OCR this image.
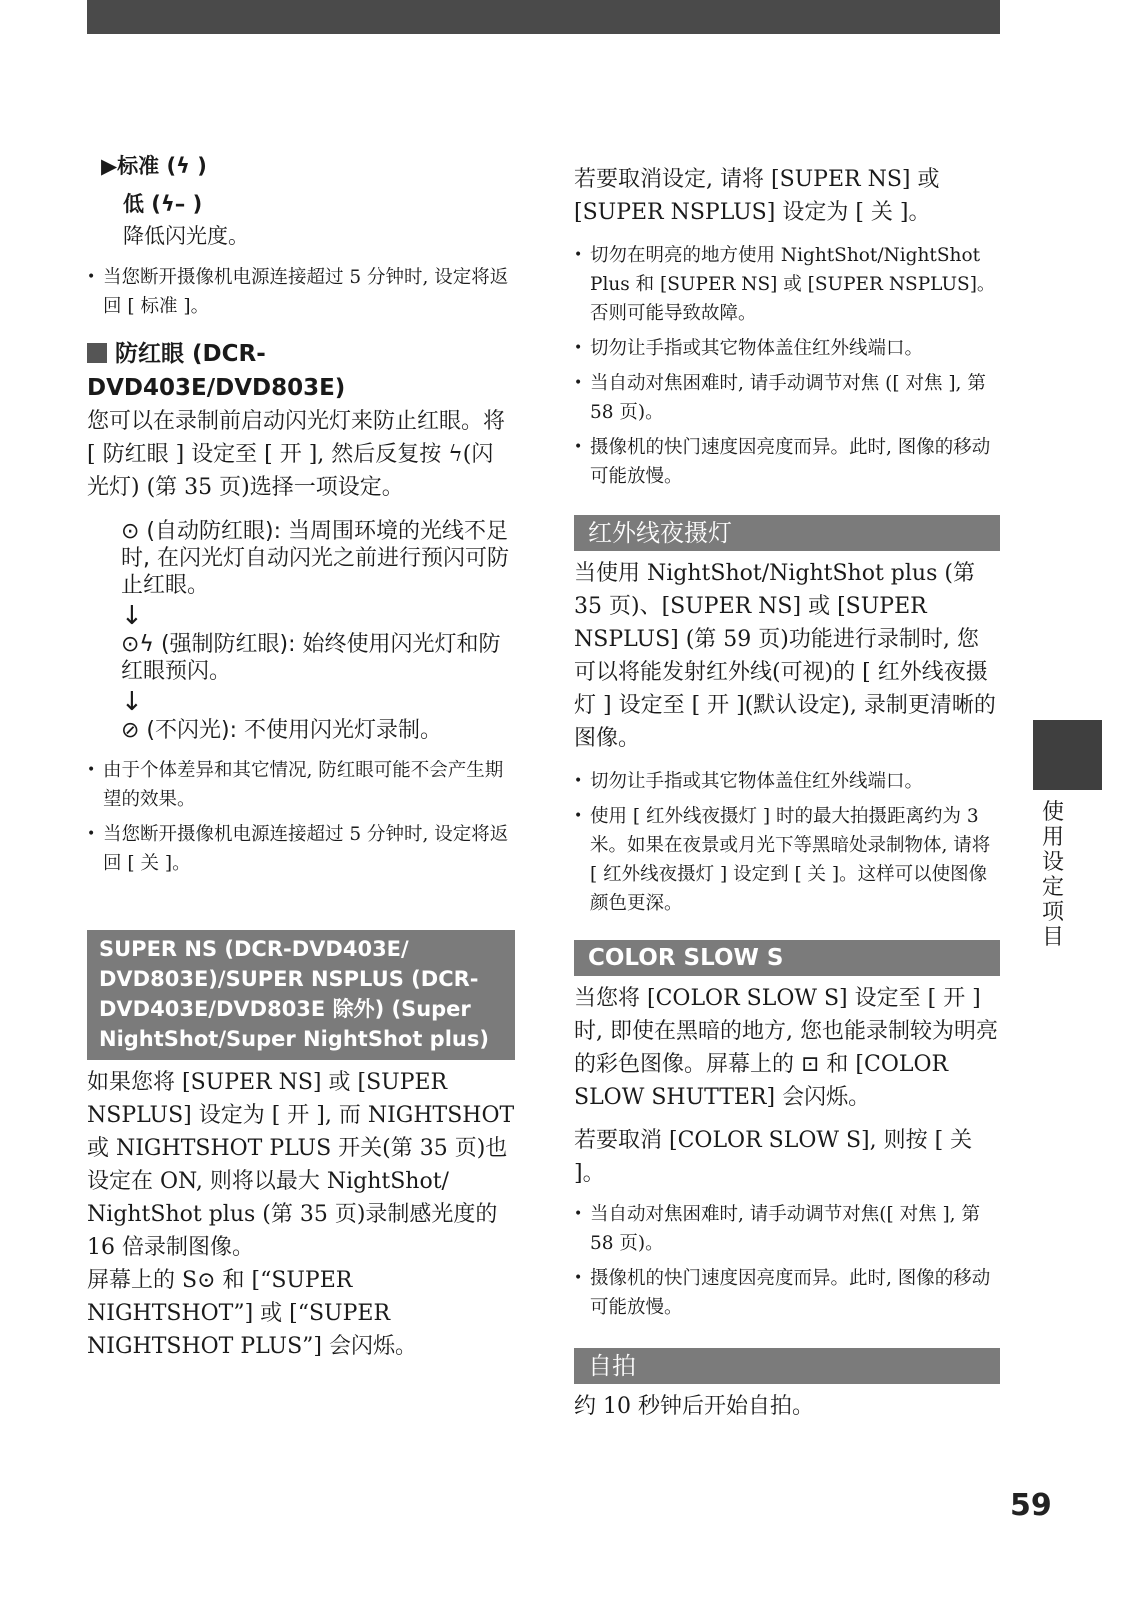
▶标准 (ϟ )
低 (ϟ– )

降低闪光度。

• 当您断开摄像机电源连接超过 5 分钟时, 设定将返回 [ 标准 ]。
防红眼 (DCR-DVD403E/DVD803E)

您可以在录制前启动闪光灯来防止红眼。将 [ 防红眼 ] 设定至 [ 开 ], 然后反复按 ϟ(闪光灯) (第 35 页)选择一项设定。

⊙ (自动防红眼): 当周围环境的光线不足时, 在闪光灯自动闪光之前进行预闪可防止红眼。
↓
⊙ϟ (强制防红眼): 始终使用闪光灯和防红眼预闪。
↓
⊘ (不闪光): 不使用闪光灯录制。
• 由于个体差异和其它情况, 防红眼可能不会产生期望的效果。
• 当您断开摄像机电源连接超过 5 分钟时, 设定将返回 [ 关 ]。
SUPER NS (DCR-DVD403E/ DVD803E)/SUPER NSPLUS (DCR-DVD403E/DVD803E 除外) (Super NightShot/Super NightShot plus)

如果您将 [SUPER NS] 或 [SUPER NSPLUS] 设定为 [ 开 ], 而 NIGHTSHOT 或 NIGHTSHOT PLUS 开关(第 35 页)也设定在 ON, 则将以最大 NightShot/ NightShot plus (第 35 页)录制感光度的 16 倍录制图像。

屏幕上的 S⊙ 和 [“SUPER NIGHTSHOT”] 或 [“SUPER NIGHTSHOT PLUS”] 会闪烁。

若要取消设定, 请将 [SUPER NS] 或 [SUPER NSPLUS] 设定为 [ 关 ]。

• 切勿在明亮的地方使用 NightShot/NightShot Plus 和 [SUPER NS] 或 [SUPER NSPLUS]。否则可能导致故障。
• 切勿让手指或其它物体盖住红外线端口。
• 当自动对焦困难时, 请手动调节对焦 ([ 对焦 ], 第 58 页)。
• 摄像机的快门速度因亮度而异。此时, 图像的移动可能放慢。
红外线夜摄灯

当使用 NightShot/NightShot plus (第 35 页)、[SUPER NS] 或 [SUPER NSPLUS] (第 59 页)功能进行录制时, 您可以将能发射红外线(可视)的 [ 红外线夜摄灯 ] 设定至 [ 开 ](默认设定), 录制更清晰的图像。

• 切勿让手指或其它物体盖住红外线端口。
• 使用 [ 红外线夜摄灯 ] 时的最大拍摄距离约为 3 米。如果在夜景或月光下等黑暗处录制物体, 请将 [ 红外线夜摄灯 ] 设定到 [ 关 ]。这样可以使图像颜色更深。
COLOR SLOW S

当您将 [COLOR SLOW S] 设定至 [ 开 ] 时, 即使在黑暗的地方, 您也能录制较为明亮的彩色图像。屏幕上的 ⊡ 和 [COLOR SLOW SHUTTER] 会闪烁。

若要取消 [COLOR SLOW S], 则按 [ 关 ]。

• 当自动对焦困难时, 请手动调节对焦([ 对焦 ], 第 58 页)。
• 摄像机的快门速度因亮度而异。此时, 图像的移动可能放慢。
自拍

约 10 秒钟后开始自拍。

使
用
设
定
项
目
59
